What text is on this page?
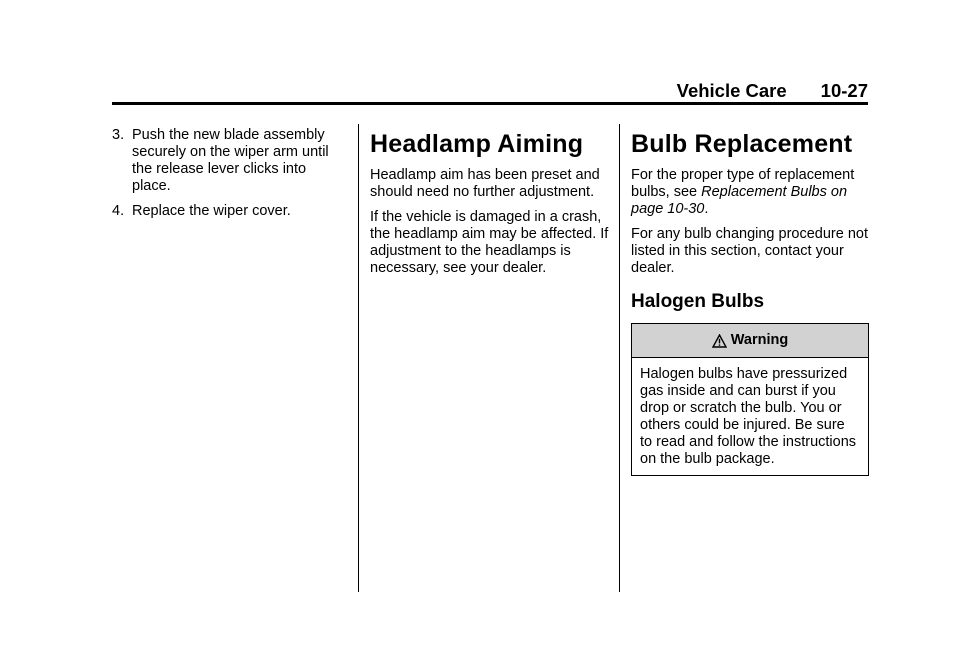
Vehicle Care 10-27
3. Push the new blade assembly securely on the wiper arm until the release lever clicks into place.
4. Replace the wiper cover.
Headlamp Aiming

Headlamp aim has been preset and should need no further adjustment.

If the vehicle is damaged in a crash, the headlamp aim may be affected. If adjustment to the headlamps is necessary, see your dealer.

Bulb Replacement

For the proper type of replacement bulbs, see Replacement Bulbs on page 10-30.

For any bulb changing procedure not listed in this section, contact your dealer.

Halogen Bulbs
Warning
Halogen bulbs have pressurized gas inside and can burst if you drop or scratch the bulb. You or others could be injured. Be sure to read and follow the instructions on the bulb package.
